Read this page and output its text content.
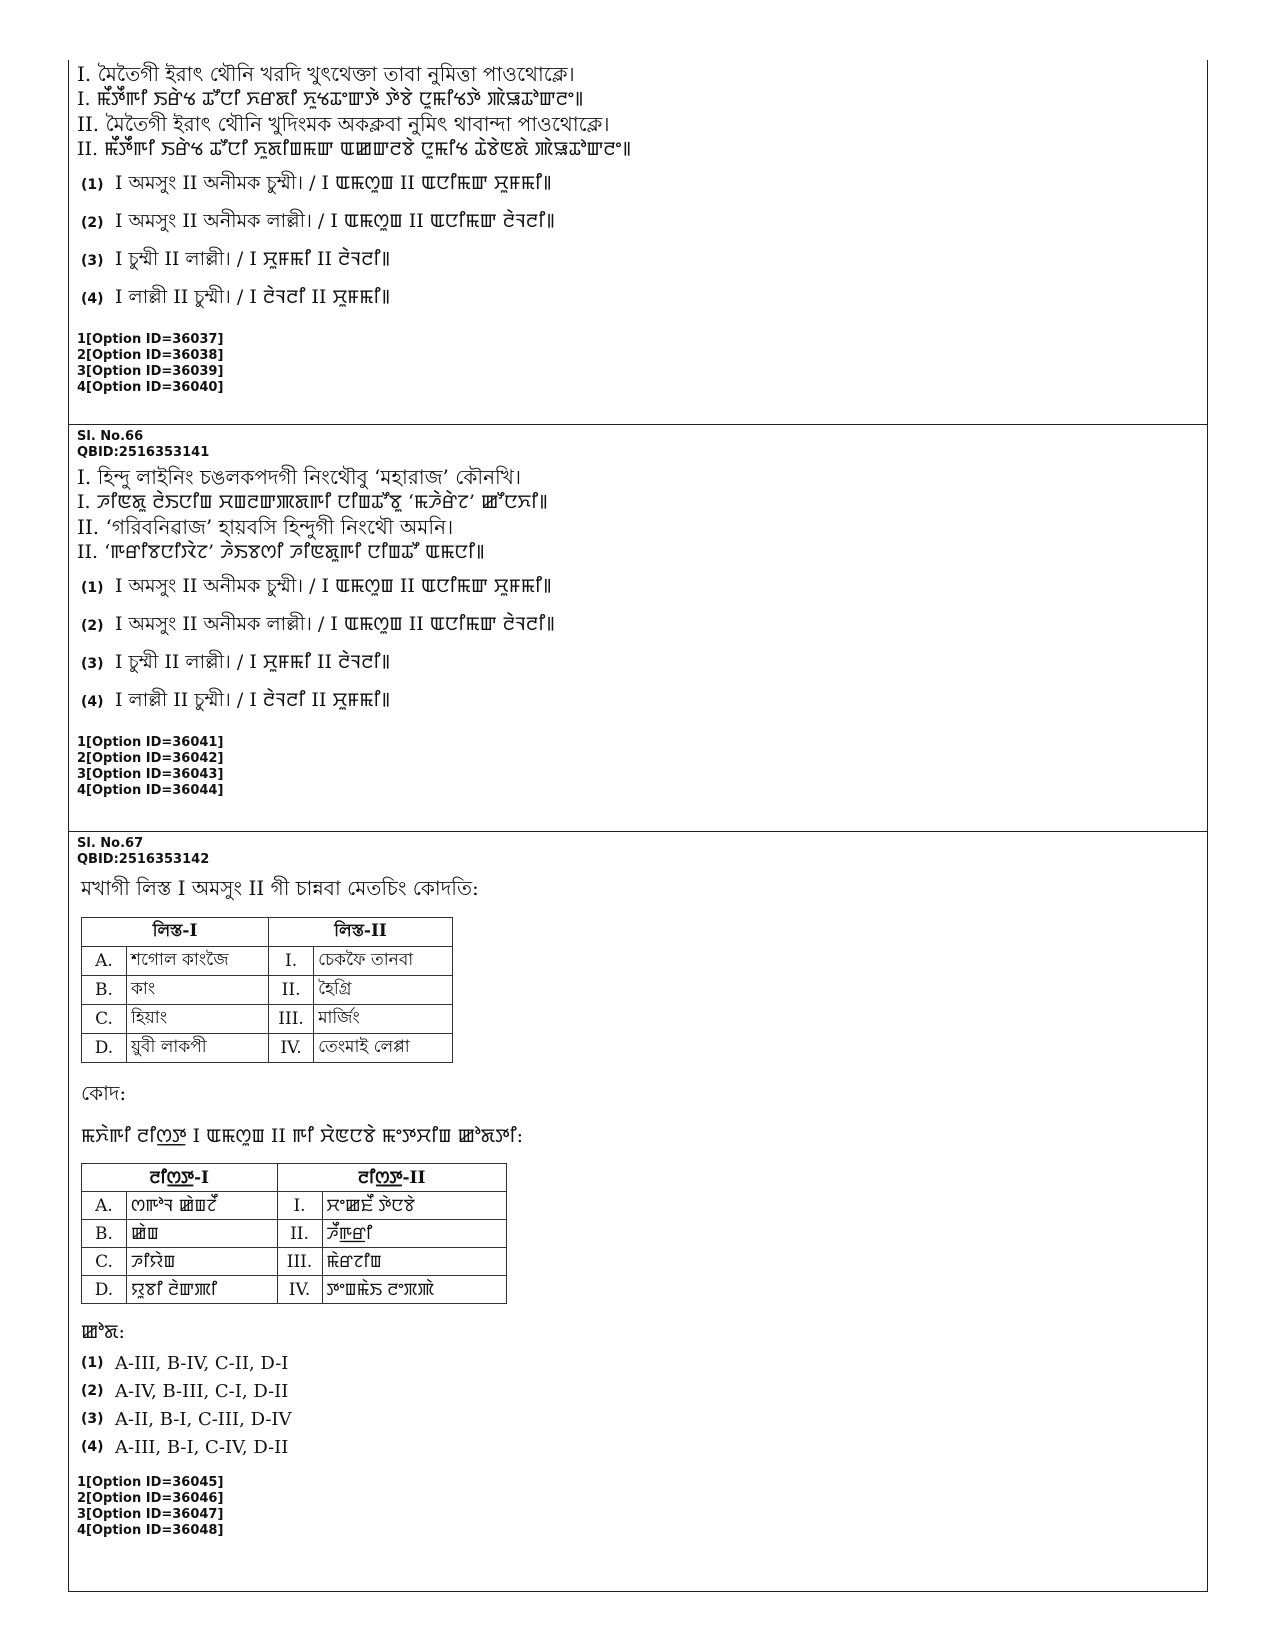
I. মৈতৈগী ইরাৎ থৌনি খরদি খুৎথেক্তা তাবা নুমিত্তা পাওথোক্লে।
I. ꯃꯩꯇꯩꯒꯤ ꯏꯔꯥꯠ ꯊꯧꯅꯤ ꯈꯔꯗꯤ ꯈꯨꯠꯊꯦꯛꯇꯥ ꯇꯥꯕꯥ ꯅꯨꯃꯤꯠꯇꯥ ꯄꯥꯎꯊꯣꯛꯂꯦ꯫
II. মৈতৈগী ইরাৎ থৌনি খুদিংমক অকক্লবা নুমিৎ থাবান্দা পাওথোক্লে।
II. ꯃꯩꯇꯩꯒꯤ ꯏꯔꯥꯠ ꯊꯧꯅꯤ ꯈꯨꯗꯤꯡꯃꯛ ꯑꯀꯛꯂꯕꯥ ꯅꯨꯃꯤꯠ ꯊꯥꯕꯥꯟꯗꯥ ꯄꯥꯎꯊꯣꯛꯂꯦ꯫
(1) I অমসুং II অনীমক চুম্মী। / I ꯑꯃꯁꯨꯡ II ꯑꯅꯤꯃꯛ ꯆꯨꯝꯃꯤ꯫
(2) I অমসুং II অনীমক লাল্লী। / I ꯑꯃꯁꯨꯡ II ꯑꯅꯤꯃꯛ ꯂꯥꯜꯂꯤ꯫
(3) I চুম্মী II লাল্লী। / I ꯆꯨꯝꯃꯤ II ꯂꯥꯜꯂꯤ꯫
(4) I লাল্লী II চুম্মী। / I ꯂꯥꯜꯂꯤ II ꯆꯨꯝꯃꯤ꯫
1[Option ID=36037]
2[Option ID=36038]
3[Option ID=36039]
4[Option ID=36040]
Sl. No.66
QBID:2516353141
I. হিন্দু লাইনিং চঙলকপদগী নিংথৌবু ‘মহারাজ’ কৌনখি।
I. ꯍꯤꯟꯗꯨ ꯂꯥꯏꯅꯤꯡ ꯆꯡꯂꯛꯄꯗꯒꯤ ꯅꯤꯡꯊꯧꯕꯨ ‘ꯃꯍꯥꯔꯥꯖ’ ꯀꯧꯅꯈꯤ꯫
II. ‘গরিবনিৱাজ’ হায়বসি হিন্দুগী নিংথৌ অমনি।
II. ‘ꯒꯔꯤꯕꯅꯤꯋꯥꯖ’ ꯍꯥꯏꯕꯁꯤ ꯍꯤꯟꯗꯨꯒꯤ ꯅꯤꯡꯊꯧ ꯑꯃꯅꯤ꯫
(1) I অমসুং II অনীমক চুম্মী। / I ꯑꯃꯁꯨꯡ II ꯑꯅꯤꯃꯛ ꯆꯨꯝꯃꯤ꯫
(2) I অমসুং II অনীমক লাল্লী। / I ꯑꯃꯁꯨꯡ II ꯑꯅꯤꯃꯛ ꯂꯥꯜꯂꯤ꯫
(3) I চুম্মী II লাল্লী। / I ꯆꯨꯝꯃꯤ II ꯂꯥꯜꯂꯤ꯫
(4) I লাল্লী II চুম্মী। / I ꯂꯥꯜꯂꯤ II ꯆꯨꯝꯃꯤ꯫
1[Option ID=36041]
2[Option ID=36042]
3[Option ID=36043]
4[Option ID=36044]
Sl. No.67
QBID:2516353142
মখাগী লিস্ত I অমসুং II গী চান্নবা মেতচিং কোদতি:
লিস্ত-I		লিস্ত-II	
A.	শগোল কাংজৈ	I.	চেকফৈ তানবা
B.	কাং	II.	হৈগ্রি
C.	হিয়াং	III.	মার্জিং
D.	য়ুবী লাকপী	IV.	তেংমাই লেপ্পা
কোদ:
ꯃꯈꯥꯒꯤ ꯂꯤꯁ꯭ꯇ I ꯑꯃꯁꯨꯡ II ꯒꯤ ꯆꯥꯟꯅꯕꯥ ꯃꯦꯇꯆꯤꯡ ꯀꯣꯗꯇꯤ:
ꯂꯤꯁ꯭ꯇ-I		ꯂꯤꯁ꯭ꯇ-II	
A.	ꯁꯒꯣꯜ ꯀꯥꯡꯖꯩ	I.	ꯆꯦꯀꯐꯩ ꯇꯥꯅꯕꯥ
B.	ꯀꯥꯡ	II.	ꯍꯩꯒ꯭ꯔꯤ
C.	ꯍꯤꯌꯥꯡ	III.	ꯃꯥꯔꯖꯤꯡ
D.	ꯌꯨꯕꯤ ꯂꯥꯛꯄꯤ	IV.	ꯇꯦꯡꯃꯥꯏ ꯂꯦꯞꯄꯥ
ꯀꯣꯗ:
(1) A-III, B-IV, C-II, D-I
(2) A-IV, B-III, C-I, D-II
(3) A-II, B-I, C-III, D-IV
(4) A-III, B-I, C-IV, D-II
1[Option ID=36045]
2[Option ID=36046]
3[Option ID=36047]
4[Option ID=36048]
